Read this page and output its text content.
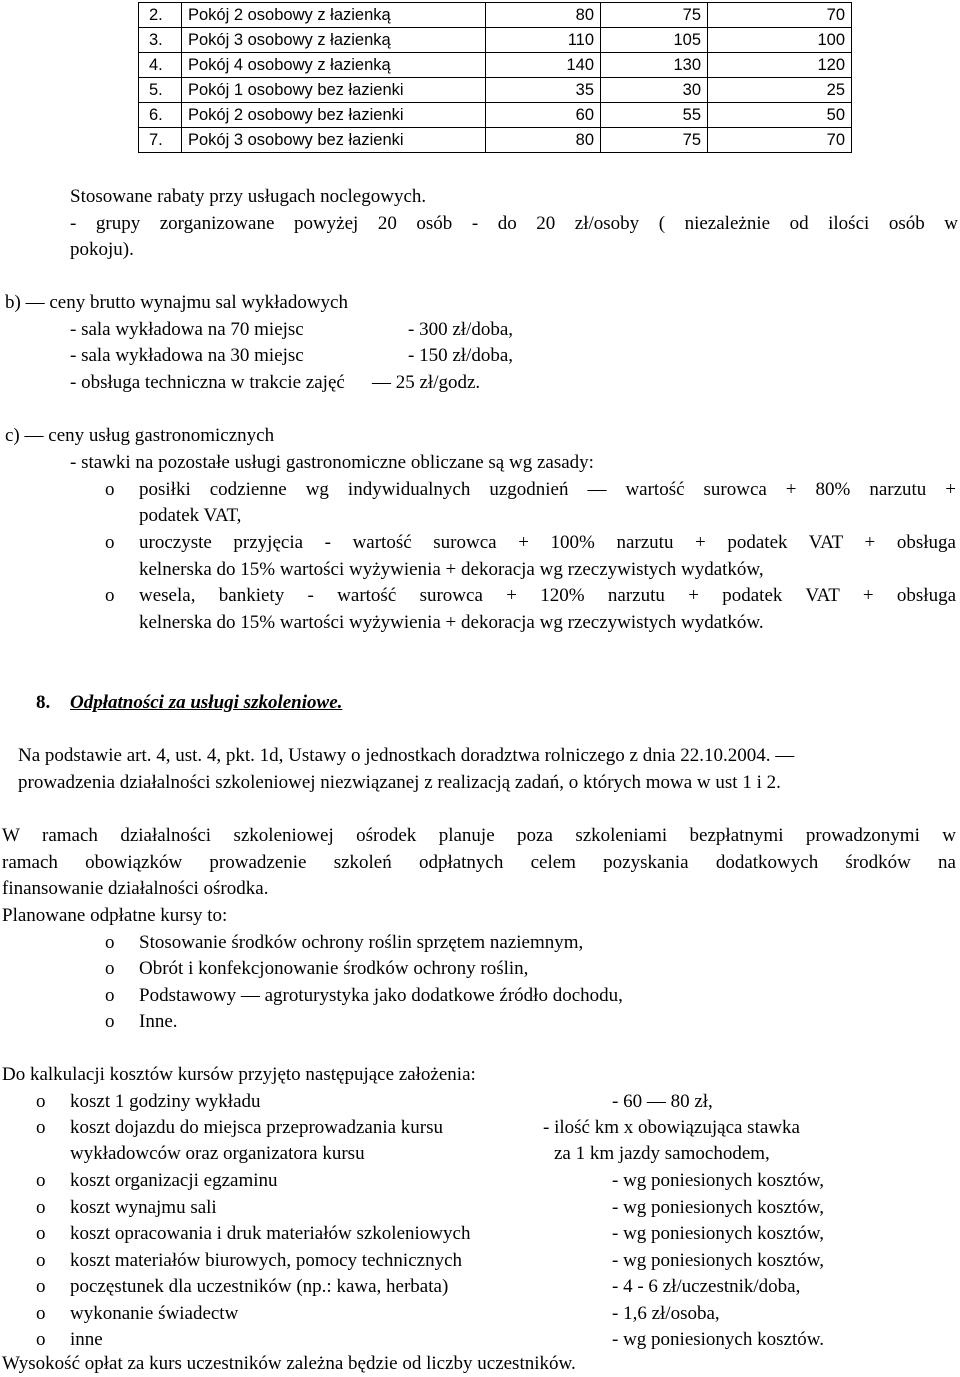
2.	Pokój 2 osobowy z łazienką	80	75	70
3.	Pokój 3 osobowy z łazienką	110	105	100
4.	Pokój 4 osobowy z łazienką	140	130	120
5.	Pokój 1 osobowy bez łazienki	35	30	25
6.	Pokój 2 osobowy bez łazienki	60	55	50
7.	Pokój 3 osobowy bez łazienki	80	75	70
Stosowane rabaty przy usługach noclegowych.
- grupy zorganizowane powyżej 20 osób - do 20 zł/osoby ( niezależnie od ilości osób w
pokoju).
b) — ceny brutto wynajmu sal wykładowych
- sala wykładowa na 70 miejsc	- 300 zł/doba,
- sala wykładowa na 30 miejsc	- 150 zł/doba,
- obsługa techniczna w trakcie zajęć — 25 zł/godz.
c) — ceny usług gastronomicznych
- stawki na pozostałe usługi gastronomiczne obliczane są wg zasady:
o posiłki codzienne wg indywidualnych uzgodnień — wartość surowca + 80% narzutu +
podatek VAT,
o uroczyste przyjęcia - wartość surowca + 100% narzutu + podatek VAT + obsługa
kelnerska do 15% wartości wyżywienia + dekoracja wg rzeczywistych wydatków,
o wesela, bankiety - wartość surowca + 120% narzutu + podatek VAT + obsługa
kelnerska do 15% wartości wyżywienia + dekoracja wg rzeczywistych wydatków.
8. Odpłatności za usługi szkoleniowe.
Na podstawie art. 4, ust. 4, pkt. 1d, Ustawy o jednostkach doradztwa rolniczego z dnia 22.10.2004. —
prowadzenia działalności szkoleniowej niezwiązanej z realizacją zadań, o których mowa w ust 1 i 2.
W ramach działalności szkoleniowej ośrodek planuje poza szkoleniami bezpłatnymi prowadzonymi w
ramach obowiązków prowadzenie szkoleń odpłatnych celem pozyskania dodatkowych środków na
finansowanie działalności ośrodka.
Planowane odpłatne kursy to:
o Stosowanie środków ochrony roślin sprzętem naziemnym,
o Obrót i konfekcjonowanie środków ochrony roślin,
o Podstawowy — agroturystyka jako dodatkowe źródło dochodu,
o Inne.
Do kalkulacji kosztów kursów przyjęto następujące założenia:
o koszt 1 godziny wykładu	- 60 — 80 zł,
o koszt dojazdu do miejsca przeprowadzania kursu	- ilość km x obowiązująca stawka
wykładowców oraz organizatora kursu	za 1 km jazdy samochodem,
o koszt organizacji egzaminu	- wg poniesionych kosztów,
o koszt wynajmu sali	- wg poniesionych kosztów,
o koszt opracowania i druk materiałów szkoleniowych	- wg poniesionych kosztów,
o koszt materiałów biurowych, pomocy technicznych	- wg poniesionych kosztów,
o poczęstunek dla uczestników (np.: kawa, herbata)	- 4 - 6 zł/uczestnik/doba,
o wykonanie świadectw	- 1,6 zł/osoba,
o inne	- wg poniesionych kosztów.
Wysokość opłat za kurs uczestników zależna będzie od liczby uczestników.
